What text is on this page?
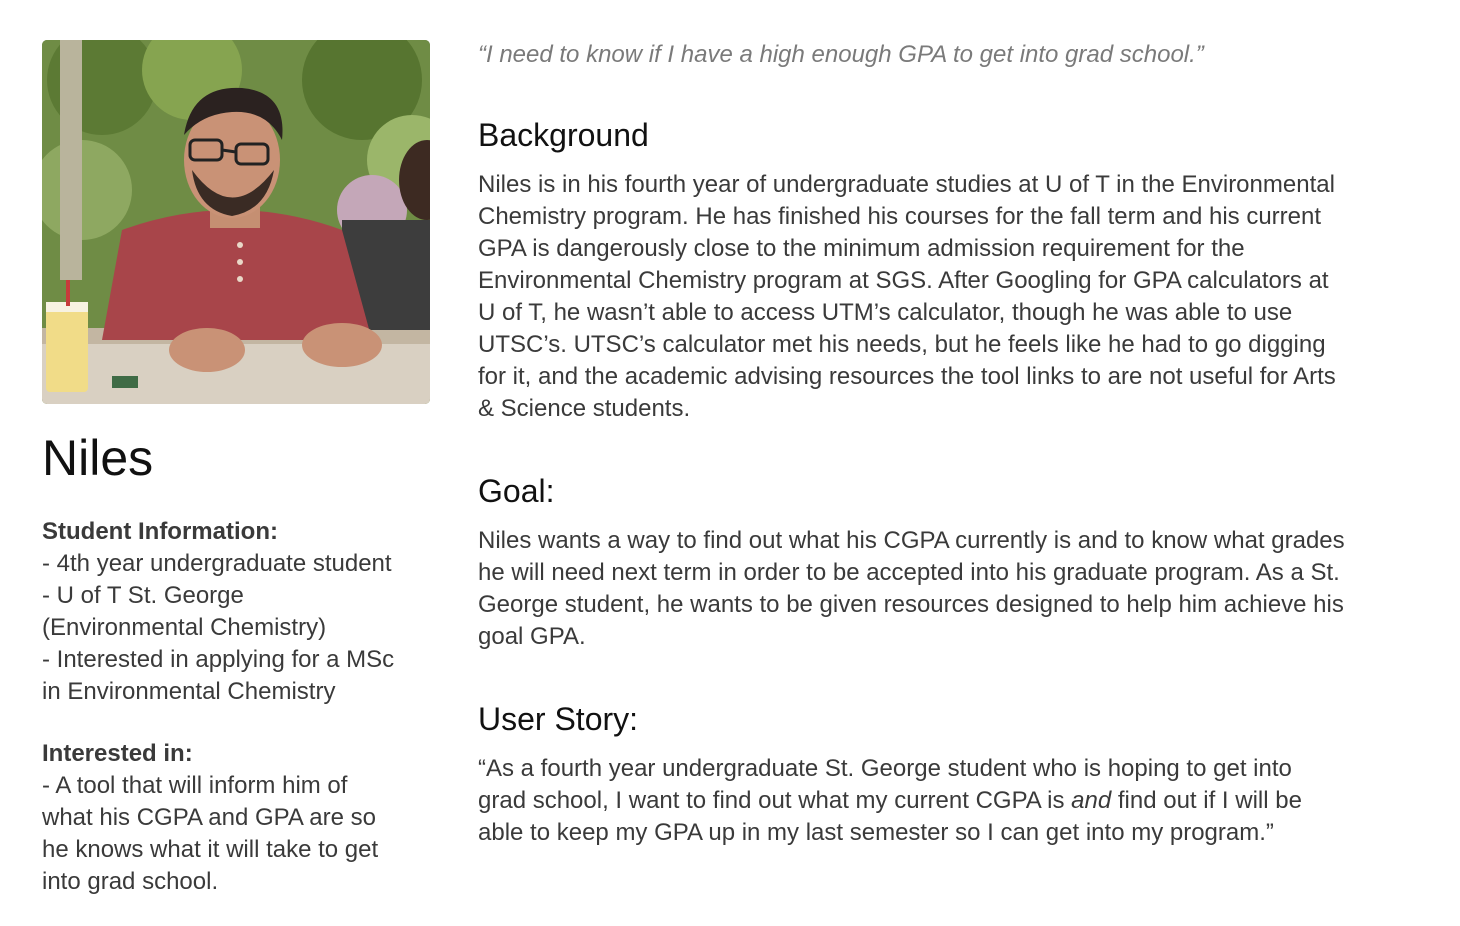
Niles
Student Information:
- 4th year undergraduate student
- U of T St. George
(Environmental Chemistry)
- Interested in applying for a MSc
in Environmental Chemistry
Interested in:
- A tool that will inform him of
what his CGPA and GPA are so
he knows what it will take to get
into grad school.

“I need to know if I have a high enough GPA to get into grad school.”

Background

Niles is in his fourth year of undergraduate studies at U of T in the Environmental
Chemistry program. He has finished his courses for the fall term and his current
GPA is dangerously close to the minimum admission requirement for the
Environmental Chemistry program at SGS. After Googling for GPA calculators at
U of T, he wasn’t able to access UTM’s calculator, though he was able to use
UTSC’s. UTSC’s calculator met his needs, but he feels like he had to go digging
for it, and the academic advising resources the tool links to are not useful for Arts
& Science students.

Goal:

Niles wants a way to find out what his CGPA currently is and to know what grades
he will need next term in order to be accepted into his graduate program. As a St.
George student, he wants to be given resources designed to help him achieve his
goal GPA.

User Story:

“As a fourth year undergraduate St. George student who is hoping to get into
grad school, I want to find out what my current CGPA is and find out if I will be
able to keep my GPA up in my last semester so I can get into my program.”
